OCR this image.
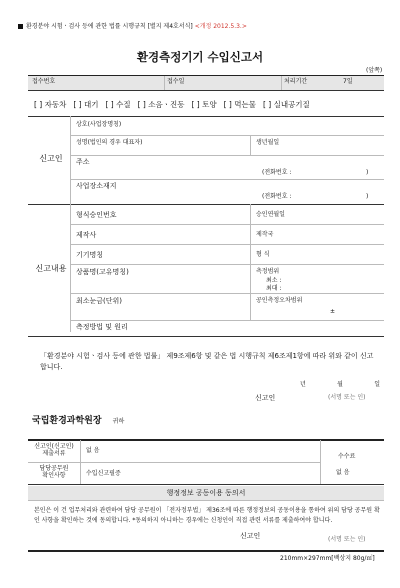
환경분야 시험ㆍ검사 등에 관한 법률 시행규칙 [별지 제4호서식] <개정 2012.5.3.>
환경측정기기 수입신고서
(앞쪽)
접수번호	접수일	처리기간	7일
[ ] 자동차 [ ] 대기 [ ] 수질 [ ] 소음ㆍ진동 [ ] 토양 [ ] 먹는물 [ ] 실내공기질
신고인
상호(사업장명칭)
성명(법인의 경우 대표자)	생년월일
주소
(전화번호 :	)
사업장소재지
(전화번호 :	)
신고내용
형식승인번호	승인연월일
제작사	제작국
기기명칭	형 식
상품명(고유명칭)	측정범위
최소 :
최대 :
최소눈금(단위)	공인측정오차범위
±
측정방법 및 원리
「환경분야 시험ㆍ검사 등에 관한 법률」 제9조제6항 및 같은 법 시행규칙 제6조제1항에 따라 위와 같이 신고합니다.
년	월	일
신고인	(서명 또는 인)
국립환경과학원장 귀하
신고인(신고인)
제출서류	없 음
수수료
담당공무원
확인사항	수입신고필증	없 음
행정정보 공동이용 동의서
본인은 이 건 업무처리와 관련하여 담당 공무원이 「전자정부법」 제36조에 따른 행정정보의 공동이용을 통하여 위의 담당 공무원 확인 사항을 확인하는 것에 동의합니다. *동의하지 아니하는 경우에는 신청인이 직접 관련 서류를 제출하여야 합니다.
신고인	(서명 또는 인)
210mm×297mm[백상지 80g/㎡]
